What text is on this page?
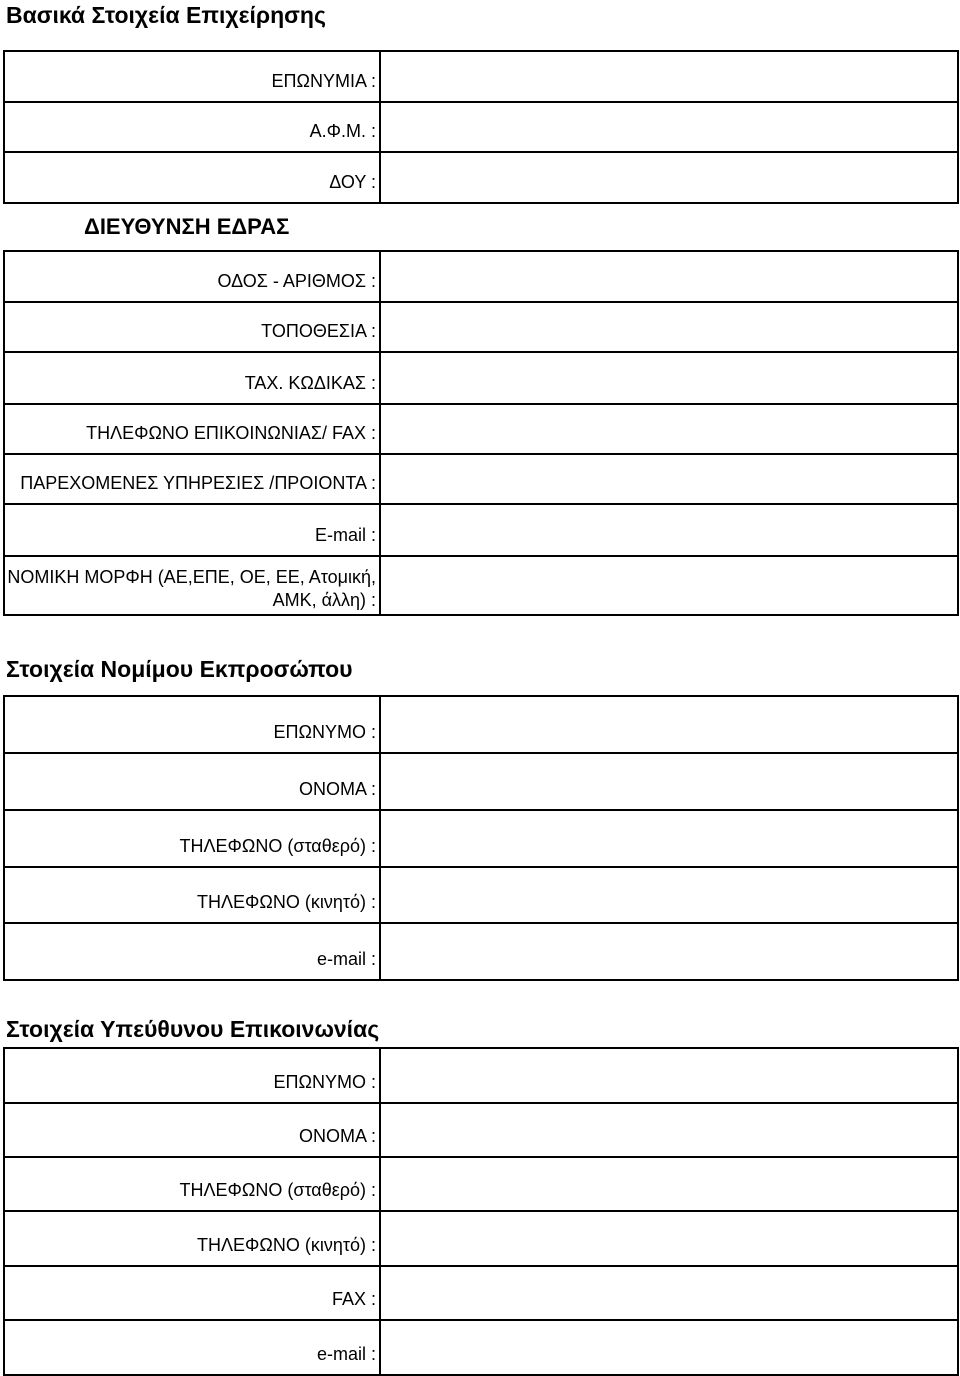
Βασικά Στοιχεία Επιχείρησης
ΕΠΩΝΥΜΙΑ :
Α.Φ.Μ. :
ΔΟΥ :
ΔΙΕΥΘΥΝΣΗ ΕΔΡΑΣ
ΟΔΟΣ - ΑΡΙΘΜΟΣ :
ΤΟΠΟΘΕΣΙΑ :
ΤΑΧ. ΚΩΔΙΚΑΣ :
ΤΗΛΕΦΩΝΟ ΕΠΙΚΟΙΝΩΝΙΑΣ/ FAX :
ΠΑΡΕΧΟΜΕΝΕΣ ΥΠΗΡΕΣΙΕΣ /ΠΡΟΙΟΝΤΑ :
E-mail :
ΝΟΜΙΚΗ ΜΟΡΦΗ (ΑΕ,ΕΠΕ, ΟΕ, ΕΕ, Ατομική, ΑΜΚ, άλλη) :
Στοιχεία Νομίμου Εκπροσώπου
ΕΠΩΝΥΜΟ :
ΟΝΟΜΑ :
ΤΗΛΕΦΩΝΟ (σταθερό) :
ΤΗΛΕΦΩΝΟ (κινητό) :
e-mail :
Στοιχεία Υπεύθυνου Επικοινωνίας
ΕΠΩΝΥΜΟ :
ΟΝΟΜΑ :
ΤΗΛΕΦΩΝΟ (σταθερό) :
ΤΗΛΕΦΩΝΟ (κινητό) :
FAX :
e-mail :
